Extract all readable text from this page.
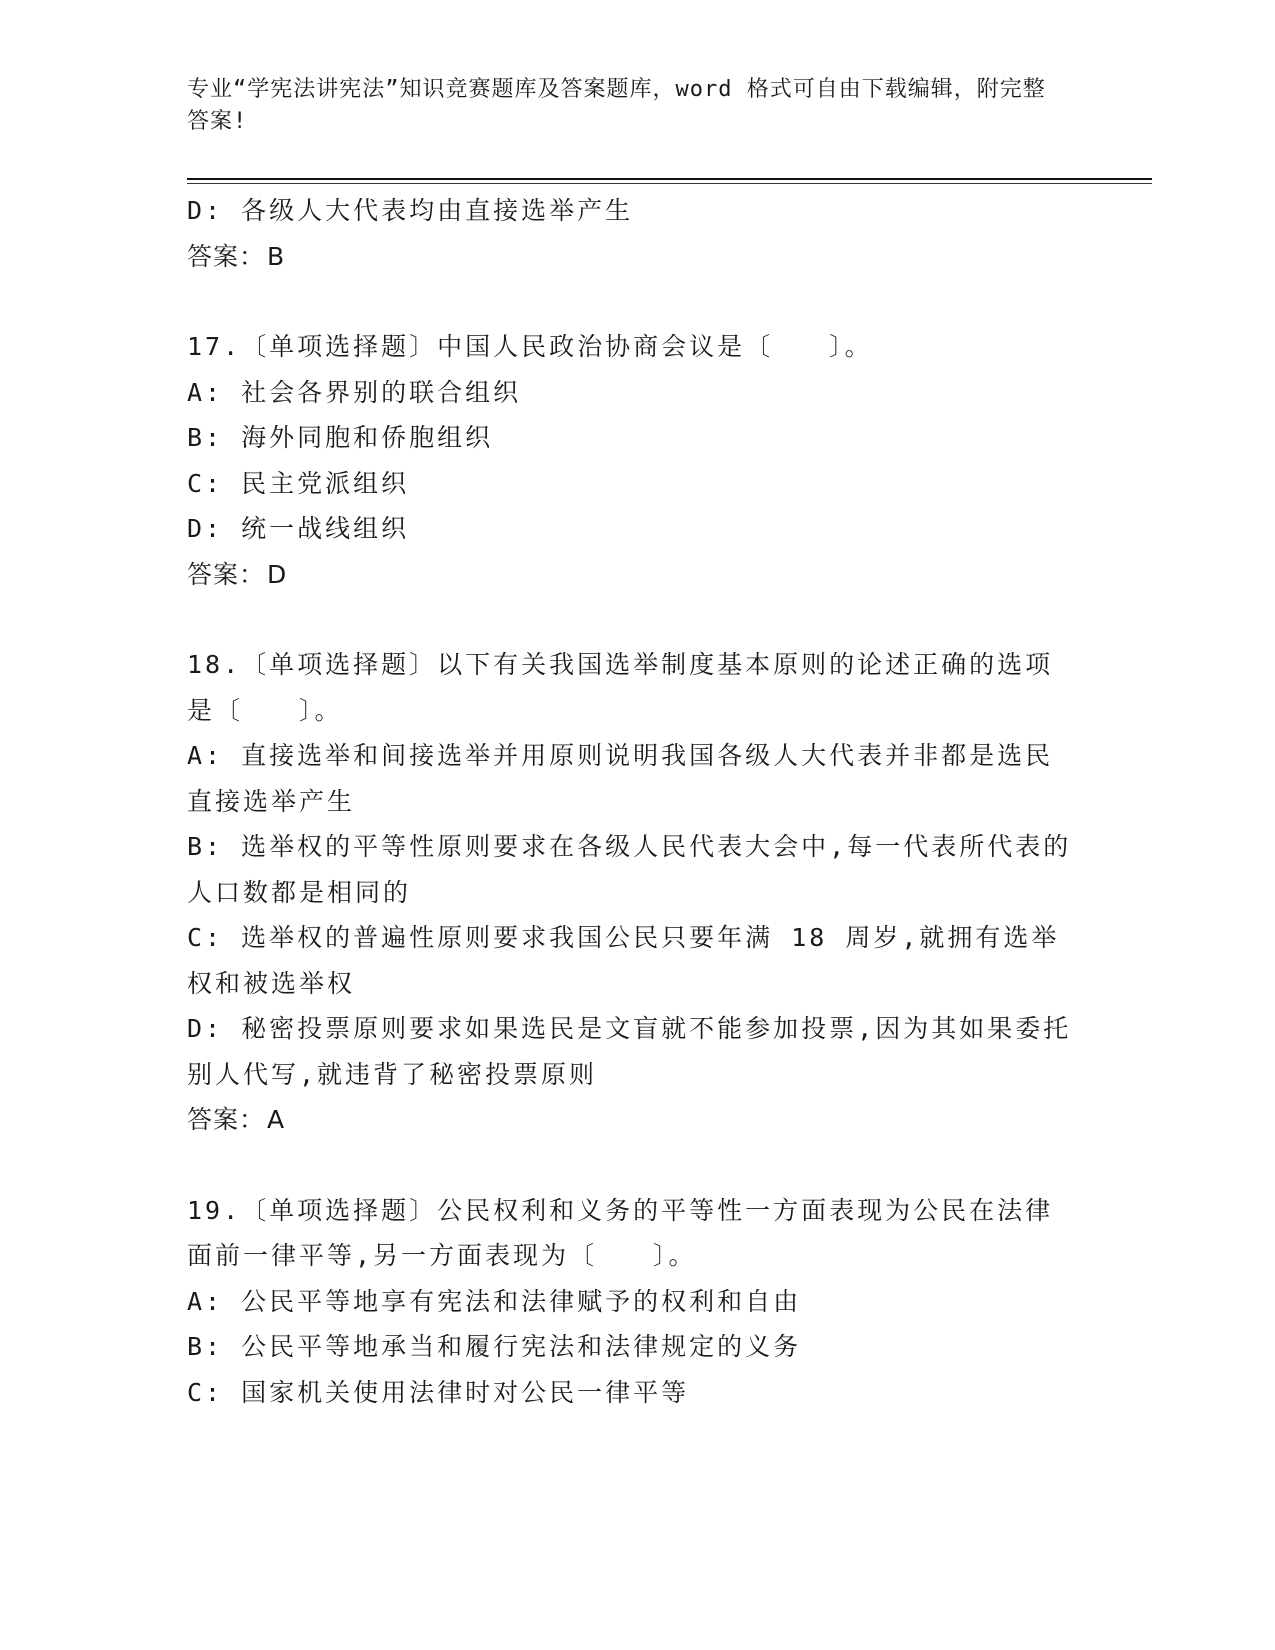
专业“学宪法讲宪法”知识竞赛题库及答案题库，word 格式可自由下载编辑，附完整答案!

D: 各级人大代表均由直接选举产生

答案：B

17.〔单项选择题〕中国人民政治协商会议是〔　　〕。

A: 社会各界别的联合组织

B: 海外同胞和侨胞组织

C: 民主党派组织

D: 统一战线组织

答案：D

18.〔单项选择题〕以下有关我国选举制度基本原则的论述正确的选项是〔　　〕。

A: 直接选举和间接选举并用原则说明我国各级人大代表并非都是选民直接选举产生

B: 选举权的平等性原则要求在各级人民代表大会中,每一代表所代表的人口数都是相同的

C: 选举权的普遍性原则要求我国公民只要年满 18 周岁,就拥有选举权和被选举权

D: 秘密投票原则要求如果选民是文盲就不能参加投票,因为其如果委托别人代写,就违背了秘密投票原则

答案：A

19.〔单项选择题〕公民权利和义务的平等性一方面表现为公民在法律面前一律平等,另一方面表现为〔　　〕。

A: 公民平等地享有宪法和法律赋予的权利和自由

B: 公民平等地承当和履行宪法和法律规定的义务

C: 国家机关使用法律时对公民一律平等
